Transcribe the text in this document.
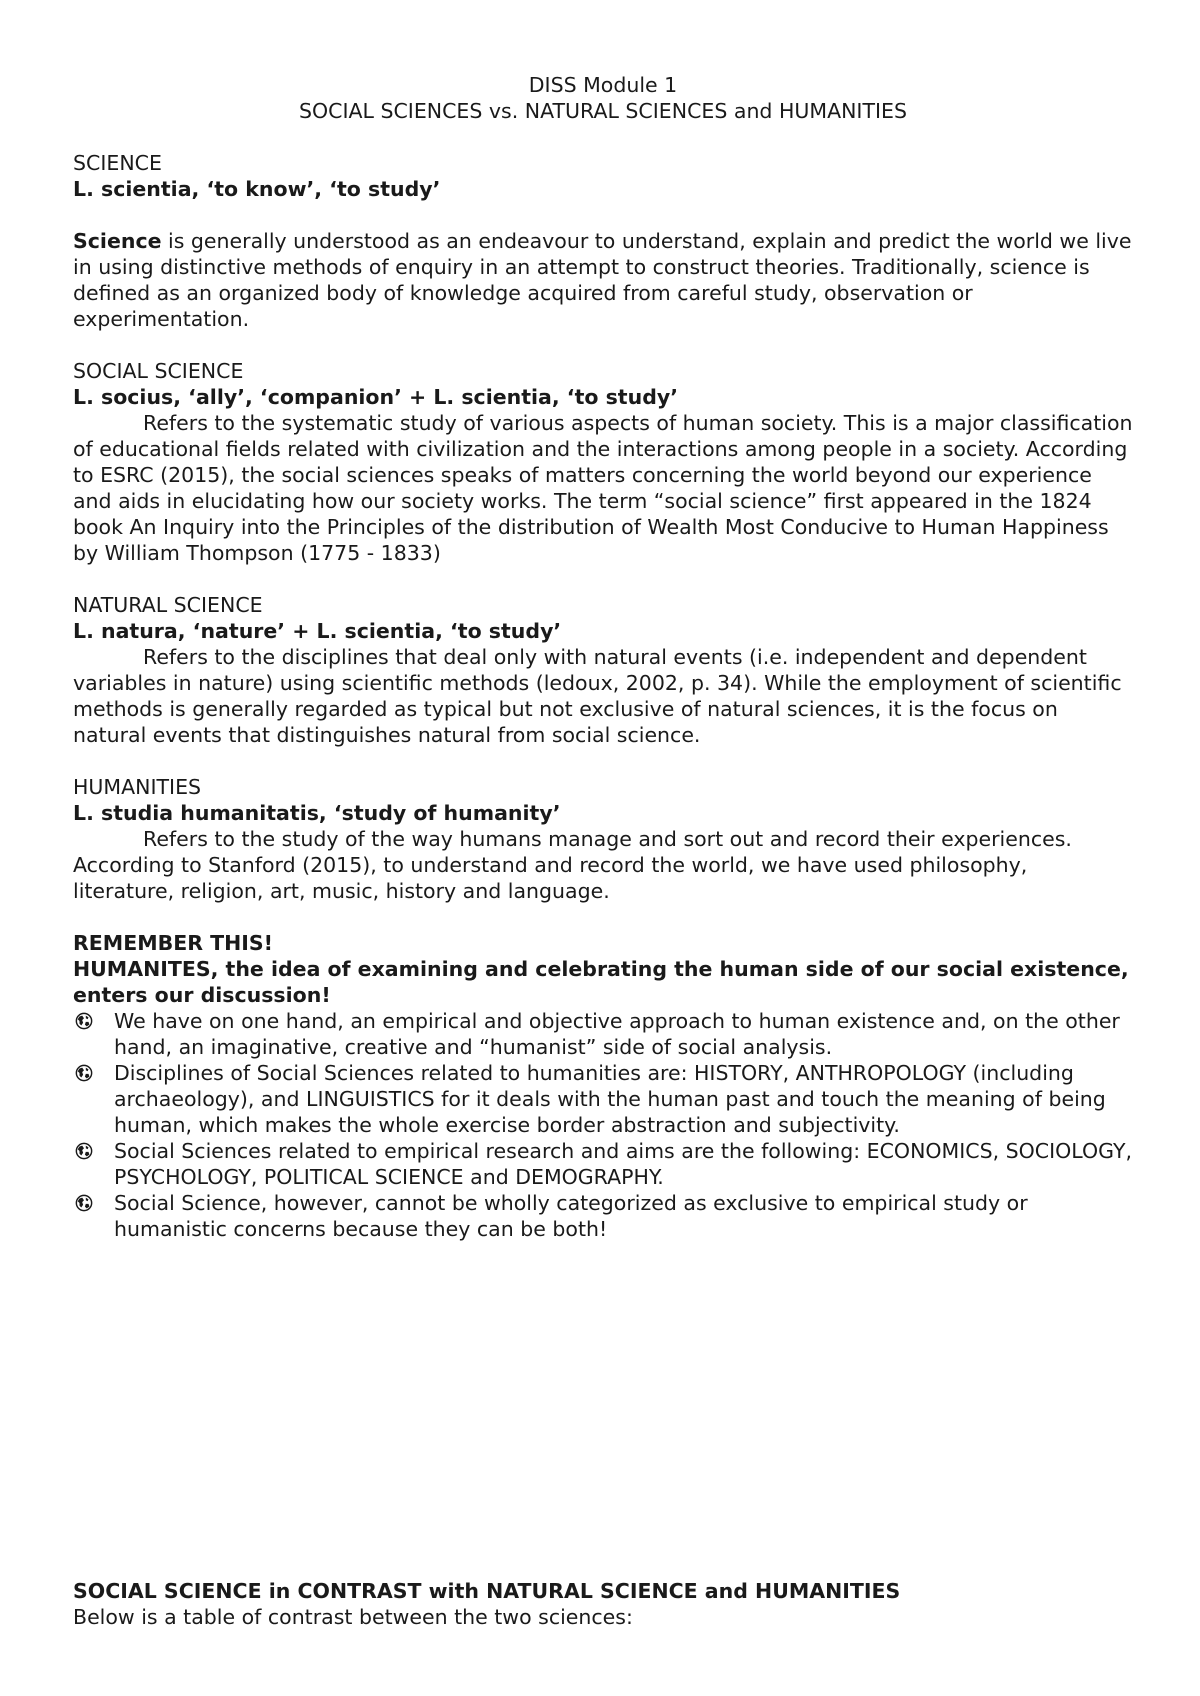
DISS Module 1

SOCIAL SCIENCES vs. NATURAL SCIENCES and HUMANITIES

SCIENCE

L. scientia, ‘to know’, ‘to study’

Science is generally understood as an endeavour to understand, explain and predict the world we live in using distinctive methods of enquiry in an attempt to construct theories. Traditionally, science is defined as an organized body of knowledge acquired from careful study, observation or experimentation.

SOCIAL SCIENCE

L. socius, ‘ally’, ‘companion’ + L. scientia, ‘to study’

Refers to the systematic study of various aspects of human society. This is a major classification of educational fields related with civilization and the interactions among people in a society. According to ESRC (2015), the social sciences speaks of matters concerning the world beyond our experience and aids in elucidating how our society works. The term “social science” first appeared in the 1824 book An Inquiry into the Principles of the distribution of Wealth Most Conducive to Human Happiness by William Thompson (1775 - 1833)

NATURAL SCIENCE

L. natura, ‘nature’ + L. scientia, ‘to study’

Refers to the disciplines that deal only with natural events (i.e. independent and dependent variables in nature) using scientific methods (ledoux, 2002, p. 34). While the employment of scientific methods is generally regarded as typical but not exclusive of natural sciences, it is the focus on natural events that distinguishes natural from social science.

HUMANITIES

L. studia humanitatis, ‘study of humanity’

Refers to the study of the way humans manage and sort out and record their experiences. According to Stanford (2015), to understand and record the world, we have used philosophy, literature, religion, art, music, history and language.

REMEMBER THIS!

HUMANITES, the idea of examining and celebrating the human side of our social existence, enters our discussion!

We have on one hand, an empirical and objective approach to human existence and, on the other hand, an imaginative, creative and “humanist” side of social analysis.
Disciplines of Social Sciences related to humanities are: HISTORY, ANTHROPOLOGY (including archaeology), and LINGUISTICS for it deals with the human past and touch the meaning of being human, which makes the whole exercise border abstraction and subjectivity.
Social Sciences related to empirical research and aims are the following: ECONOMICS, SOCIOLOGY, PSYCHOLOGY, POLITICAL SCIENCE and DEMOGRAPHY.
Social Science, however, cannot be wholly categorized as exclusive to empirical study or humanistic concerns because they can be both!

SOCIAL SCIENCE in CONTRAST with NATURAL SCIENCE and HUMANITIES

Below is a table of contrast between the two sciences:
